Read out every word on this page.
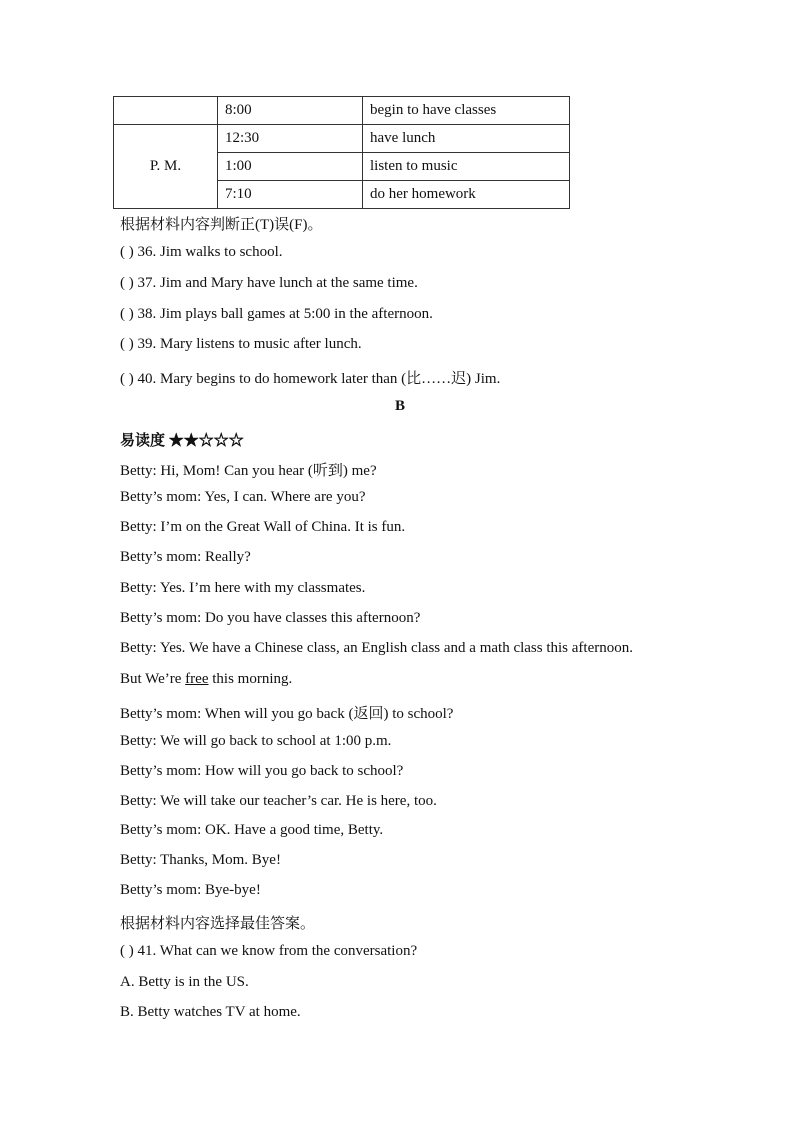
	8:00	begin to have classes
P. M.	12:30	have lunch
	1:00	listen to music
	7:10	do her homework
根据材料内容判断正(T)误(F)。
( ) 36. Jim walks to school.
( ) 37. Jim and Mary have lunch at the same time.
( ) 38. Jim plays ball games at 5:00 in the afternoon.
( ) 39. Mary listens to music after lunch.
( ) 40. Mary begins to do homework later than (比……迟) Jim.
B
易读度 ★★☆☆☆
Betty: Hi, Mom! Can you hear (听到) me?
Betty’s mom: Yes, I can. Where are you?
Betty: I’m on the Great Wall of China. It is fun.
Betty’s mom: Really?
Betty: Yes. I’m here with my classmates.
Betty’s mom: Do you have classes this afternoon?
Betty: Yes. We have a Chinese class, an English class and a math class this afternoon.
But We’re free this morning.
Betty’s mom: When will you go back (返回) to school?
Betty: We will go back to school at 1:00 p.m.
Betty’s mom: How will you go back to school?
Betty: We will take our teacher’s car. He is here, too.
Betty’s mom: OK. Have a good time, Betty.
Betty: Thanks, Mom. Bye!
Betty’s mom: Bye-bye!
根据材料内容选择最佳答案。
( ) 41. What can we know from the conversation?
A. Betty is in the US.
B. Betty watches TV at home.
